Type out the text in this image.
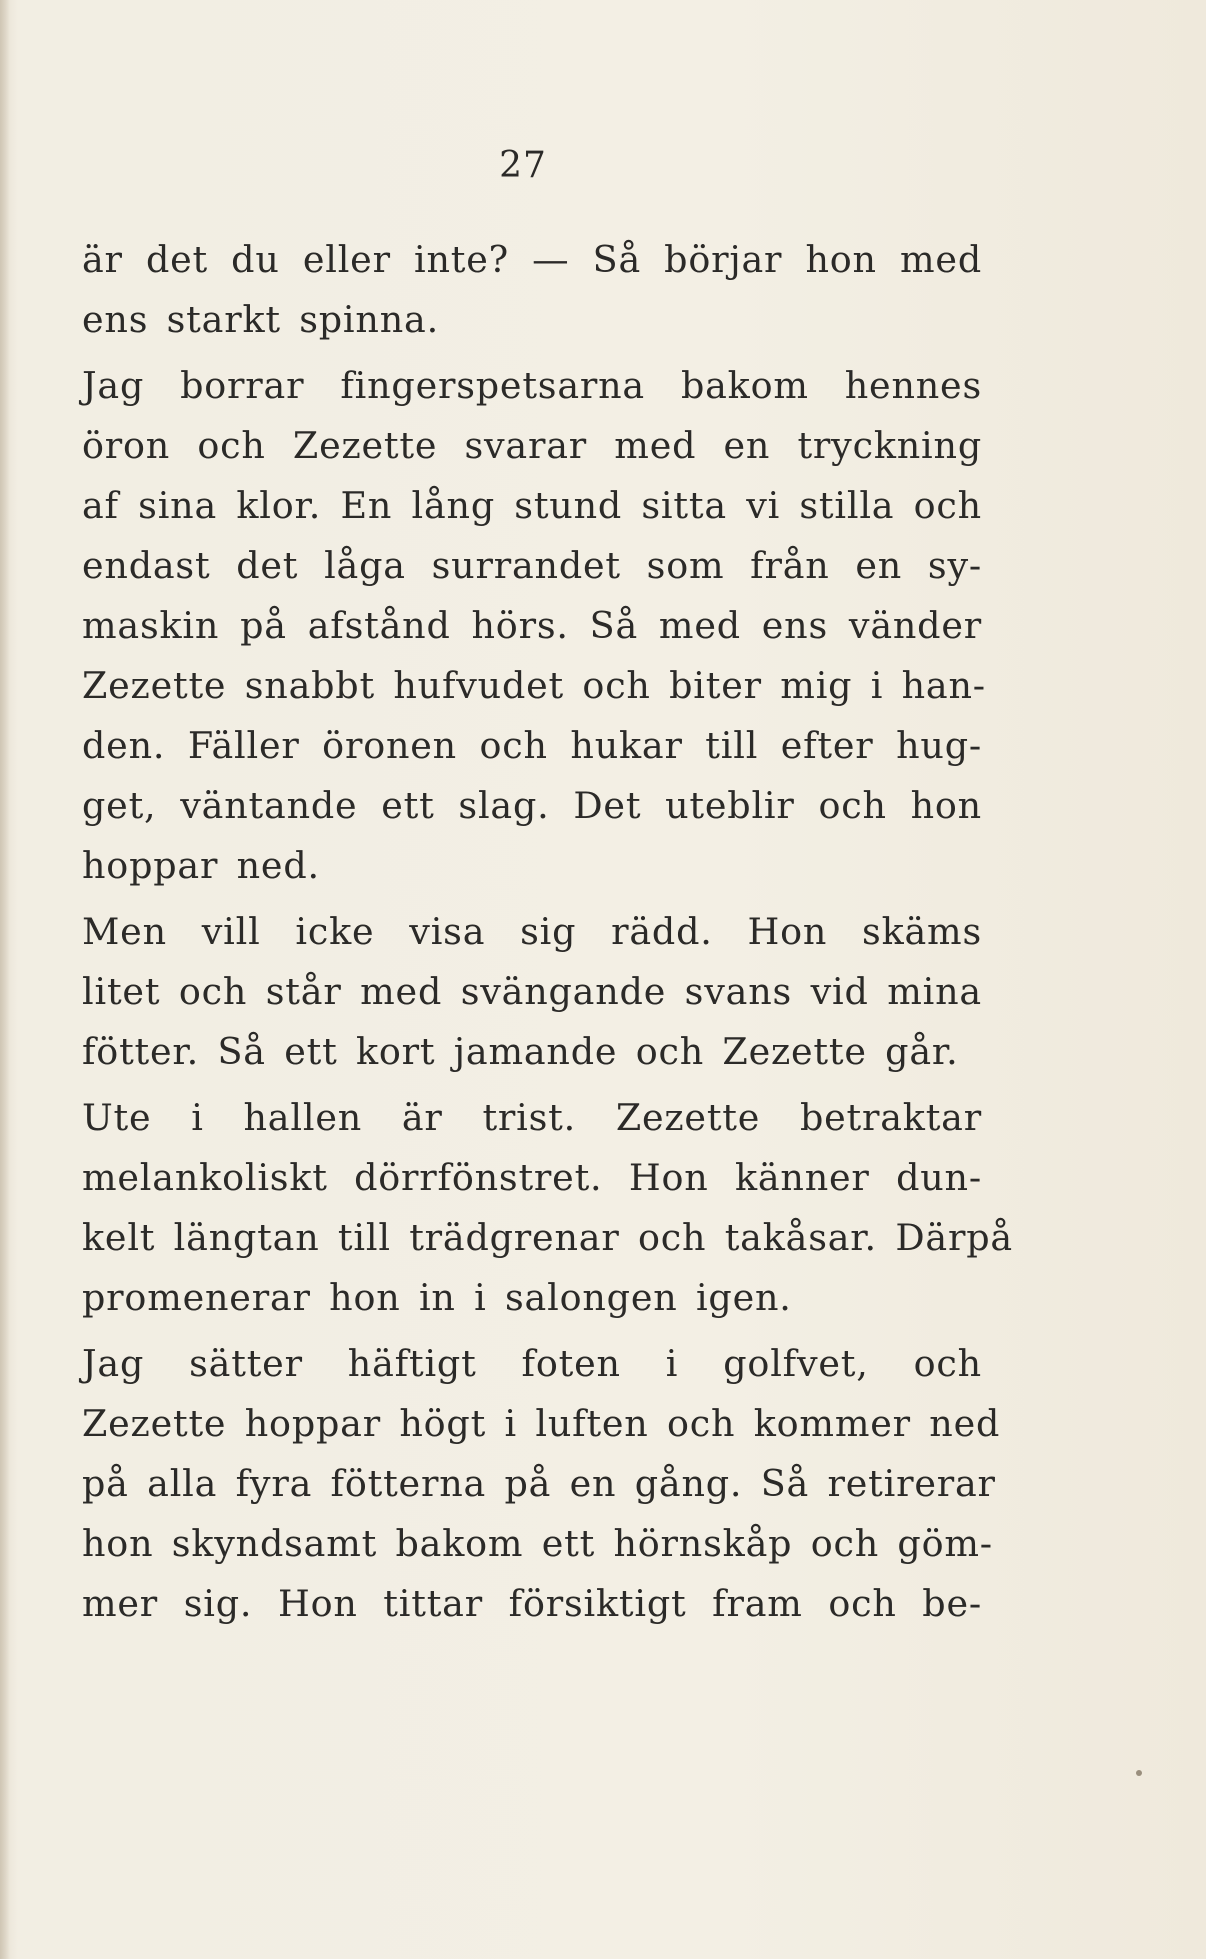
27
är det du eller inte? — Så börjar hon med
ens starkt spinna.
Jag borrar fingerspetsarna bakom hennes
öron och Zezette svarar med en tryckning
af sina klor. En lång stund sitta vi stilla och
endast det låga surrandet som från en sy-
maskin på afstånd hörs. Så med ens vänder
Zezette snabbt hufvudet och biter mig i han-
den. Fäller öronen och hukar till efter hug-
get, väntande ett slag. Det uteblir och hon
hoppar ned.
Men vill icke visa sig rädd. Hon skäms
litet och står med svängande svans vid mina
fötter. Så ett kort jamande och Zezette går.
Ute i hallen är trist. Zezette betraktar
melankoliskt dörrfönstret. Hon känner dun-
kelt längtan till trädgrenar och takåsar. Därpå
promenerar hon in i salongen igen.
Jag sätter häftigt foten i golfvet, och
Zezette hoppar högt i luften och kommer ned
på alla fyra fötterna på en gång. Så retirerar
hon skyndsamt bakom ett hörnskåp och göm-
mer sig. Hon tittar försiktigt fram och be-
